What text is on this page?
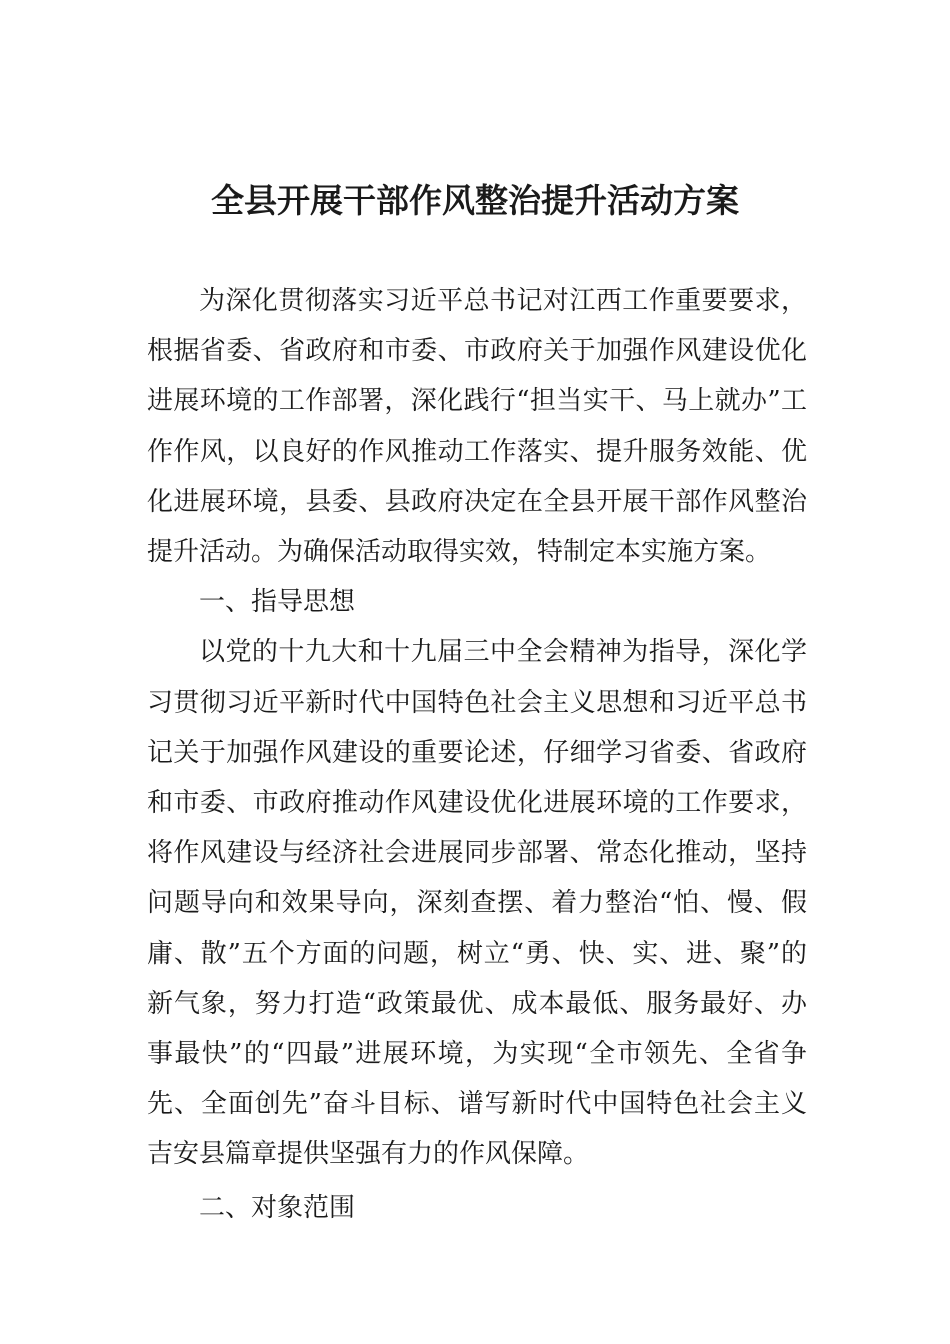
全县开展干部作风整治提升活动方案

为深化贯彻落实习近平总书记对江西工作重要要求，根据省委、省政府和市委、市政府关于加强作风建设优化进展环境的工作部署，深化践行“担当实干、马上就办”工作作风，以良好的作风推动工作落实、提升服务效能、优化进展环境，县委、县政府决定在全县开展干部作风整治提升活动。为确保活动取得实效，特制定本实施方案。

一、指导思想

以党的十九大和十九届三中全会精神为指导，深化学习贯彻习近平新时代中国特色社会主义思想和习近平总书记关于加强作风建设的重要论述，仔细学习省委、省政府和市委、市政府推动作风建设优化进展环境的工作要求，将作风建设与经济社会进展同步部署、常态化推动，坚持问题导向和效果导向，深刻查摆、着力整治“怕、慢、假庸、散”五个方面的问题，树立“勇、快、实、进、聚”的新气象，努力打造“政策最优、成本最低、服务最好、办事最快”的“四最”进展环境，为实现“全市领先、全省争先、全面创先”奋斗目标、谱写新时代中国特色社会主义吉安县篇章提供坚强有力的作风保障。

二、对象范围
